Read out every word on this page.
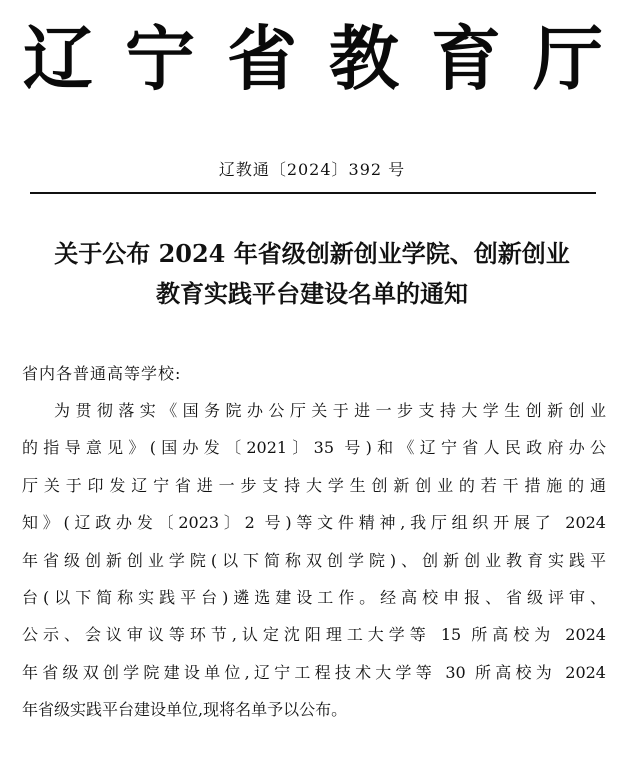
辽 宁 省 教 育 厅
辽教通〔2024〕392 号
关于公布 2024 年省级创新创业学院、创新创业
教育实践平台建设名单的通知
省内各普通高等学校:
为贯彻落实《国务院办公厅关于进一步支持大学生创新创业
的指导意见》(国办发〔2021〕35 号)和《辽宁省人民政府办公
厅关于印发辽宁省进一步支持大学生创新创业的若干措施的通
知》(辽政办发〔2023〕2 号)等文件精神,我厅组织开展了 2024
年省级创新创业学院(以下简称双创学院)、创新创业教育实践平
台(以下简称实践平台)遴选建设工作。经高校申报、省级评审、
公示、会议审议等环节,认定沈阳理工大学等 15 所高校为 2024
年省级双创学院建设单位,辽宁工程技术大学等 30 所高校为 2024
年省级实践平台建设单位,现将名单予以公布。
